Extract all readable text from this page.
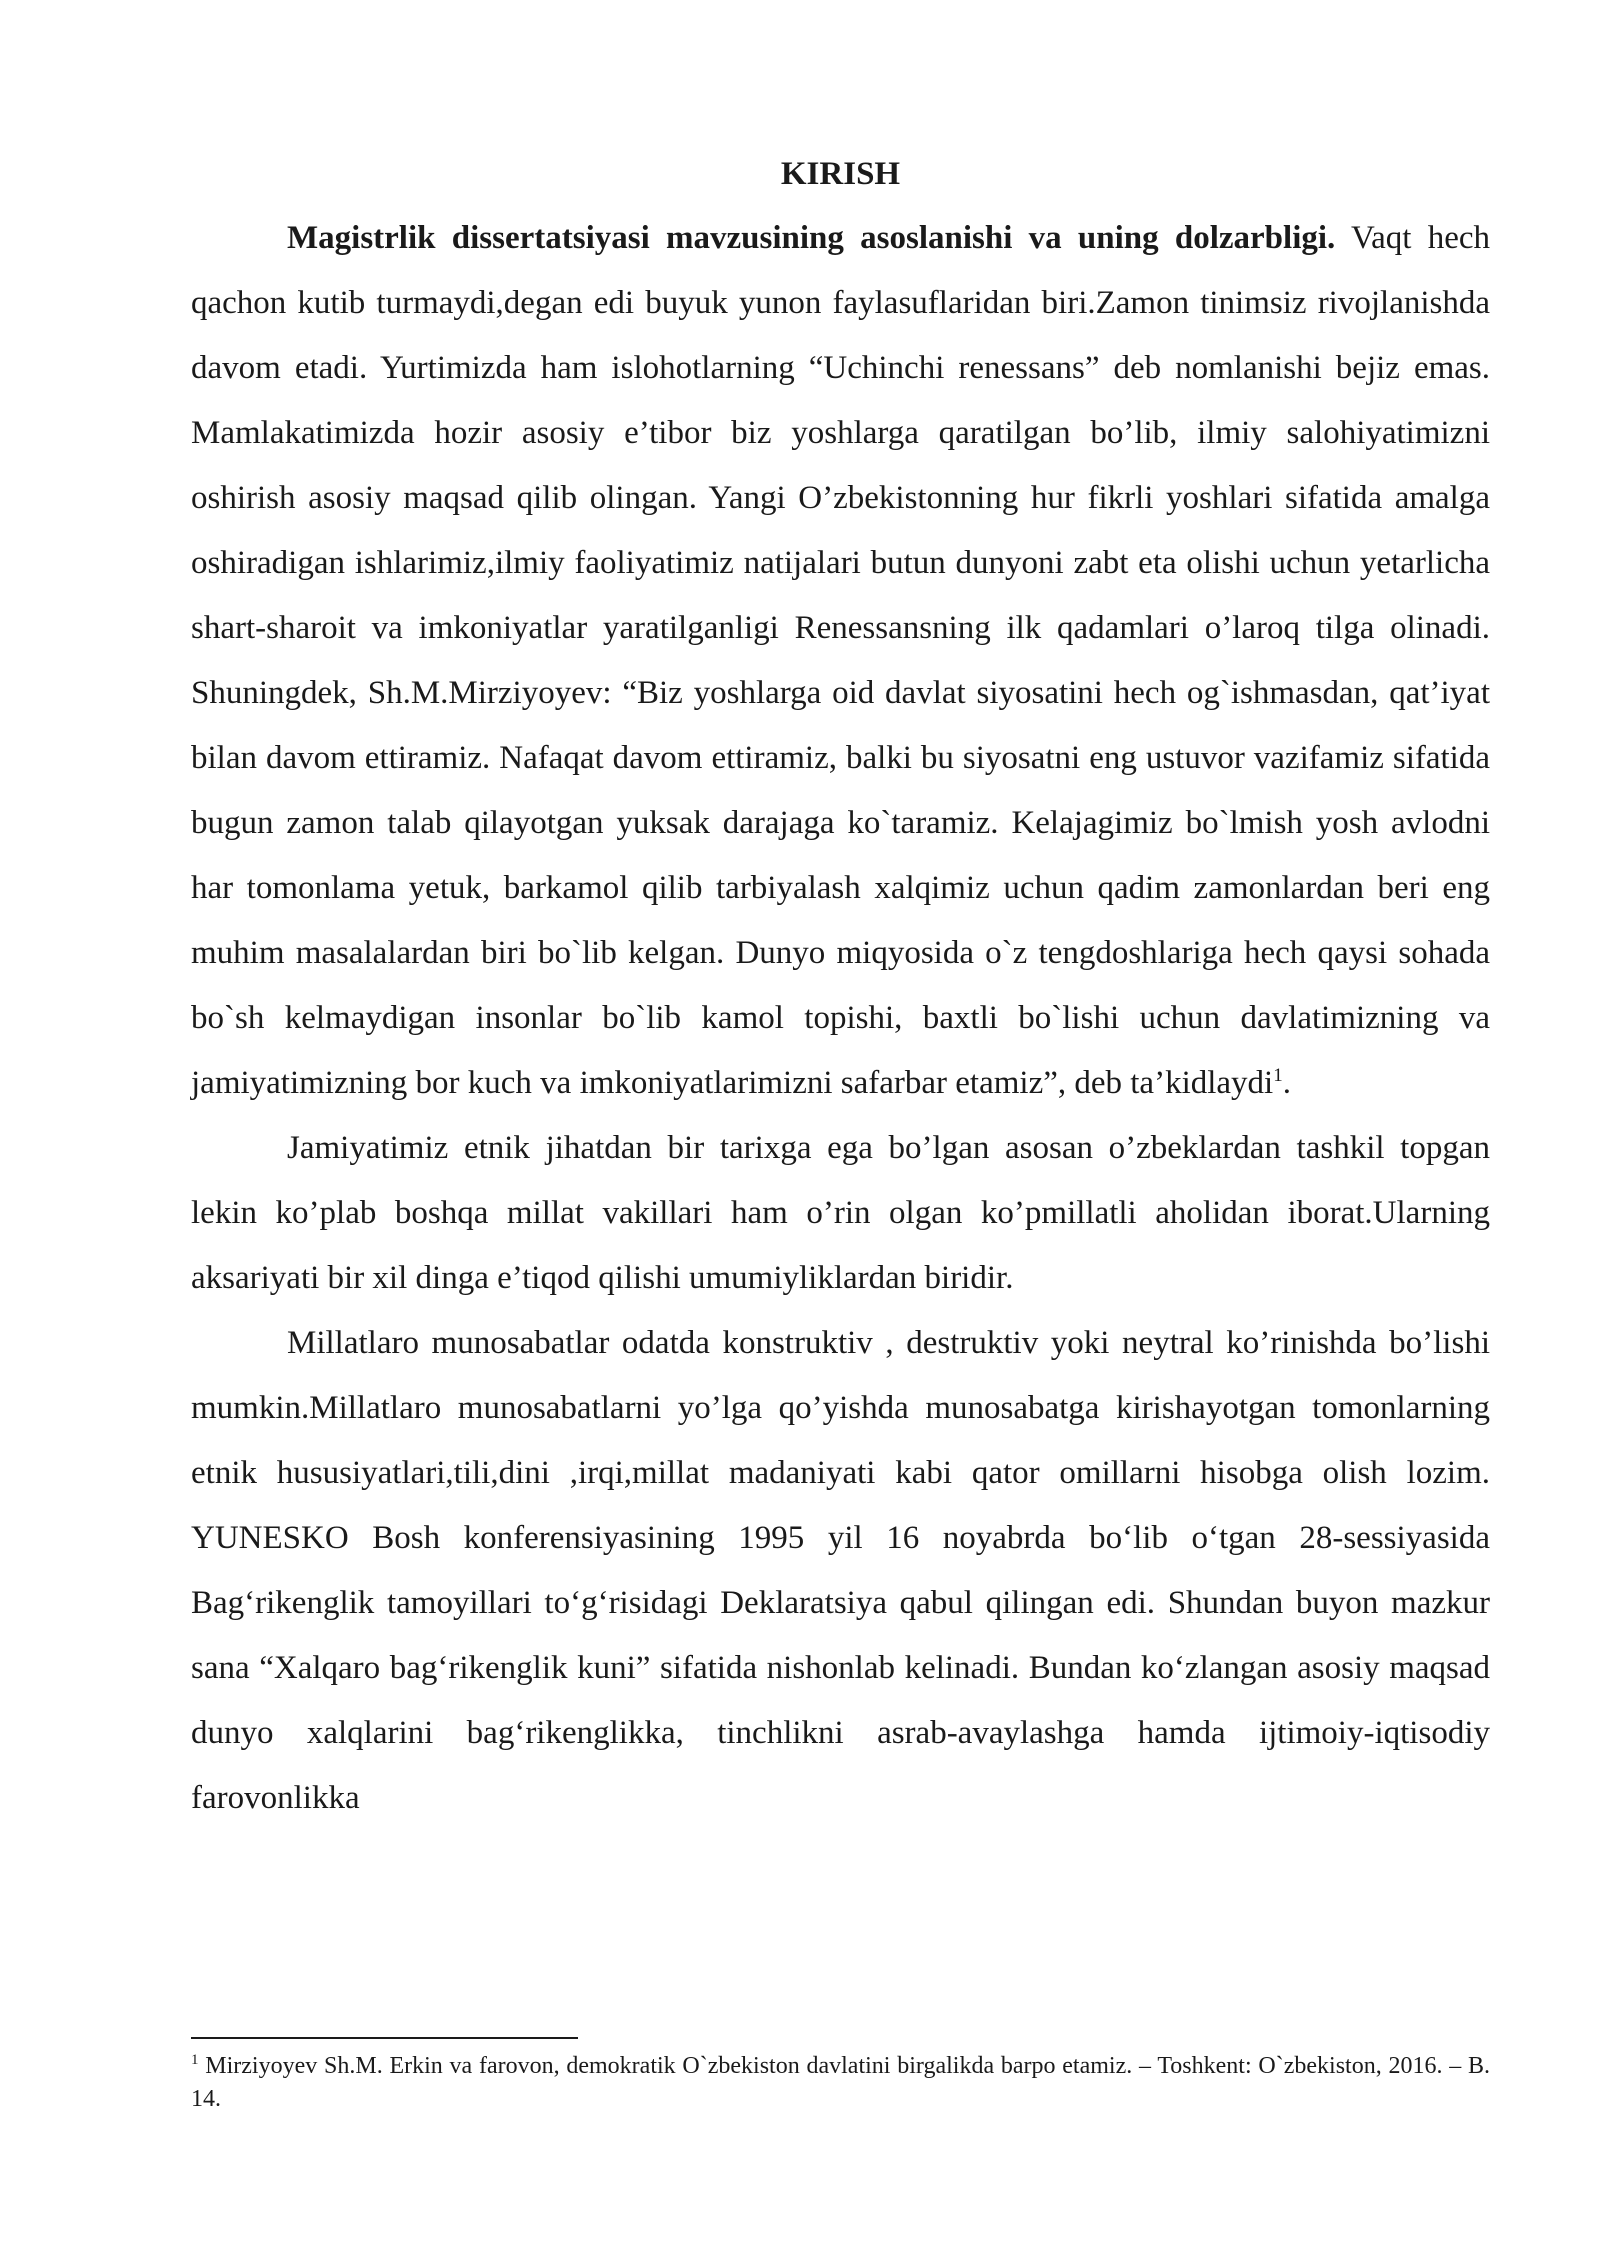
KIRISH

Magistrlik dissertatsiyasi mavzusining asoslanishi va uning dolzarbligi. Vaqt hech qachon kutib turmaydi,degan edi buyuk yunon faylasuflaridan biri.Zamon tinimsiz rivojlanishda davom etadi. Yurtimizda ham islohotlarning “Uchinchi renessans” deb nomlanishi bejiz emas. Mamlakatimizda hozir asosiy e’tibor biz yoshlarga qaratilgan bo’lib, ilmiy salohiyatimizni oshirish asosiy maqsad qilib olingan. Yangi O’zbekistonning hur fikrli yoshlari sifatida amalga oshiradigan ishlarimiz,ilmiy faoliyatimiz natijalari butun dunyoni zabt eta olishi uchun yetarlicha shart-sharoit va imkoniyatlar yaratilganligi Renessansning ilk qadamlari o’laroq tilga olinadi. Shuningdek, Sh.M.Mirziyoyev: “Biz yoshlarga oid davlat siyosatini hech og`ishmasdan, qat’iyat bilan davom ettiramiz. Nafaqat davom ettiramiz, balki bu siyosatni eng ustuvor vazifamiz sifatida bugun zamon talab qilayotgan yuksak darajaga ko`taramiz. Kelajagimiz bo`lmish yosh avlodni har tomonlama yetuk, barkamol qilib tarbiyalash xalqimiz uchun qadim zamonlardan beri eng muhim masalalardan biri bo`lib kelgan. Dunyo miqyosida o`z tengdoshlariga hech qaysi sohada bo`sh kelmaydigan insonlar bo`lib kamol topishi, baxtli bo`lishi uchun davlatimizning va jamiyatimizning bor kuch va imkoniyatlarimizni safarbar etamiz”, deb ta’kidlaydi$^1$.

Jamiyatimiz etnik jihatdan bir tarixga ega bo’lgan asosan o’zbeklardan tashkil topgan lekin ko’plab boshqa millat vakillari ham o’rin olgan ko’pmillatli aholidan iborat.Ularning aksariyati bir xil dinga e’tiqod qilishi umumiyliklardan biridir.

Millatlaro munosabatlar odatda konstruktiv , destruktiv yoki neytral ko’rinishda bo’lishi mumkin.Millatlaro munosabatlarni yo’lga qo’yishda munosabatga kirishayotgan tomonlarning etnik hususiyatlari,tili,dini ,irqi,millat madaniyati kabi qator omillarni hisobga olish lozim. YUNESKO Bosh konferensiyasining 1995 yil 16 noyabrda bo‘lib o‘tgan 28-sessiyasida Bag‘rikenglik tamoyillari to‘g‘risidagi Deklaratsiya qabul qilingan edi. Shundan buyon mazkur sana “Xalqaro bag‘rikenglik kuni” sifatida nishonlab kelinadi. Bundan ko‘zlangan asosiy maqsad dunyo xalqlarini bag‘rikenglikka, tinchlikni asrab-avaylashga hamda ijtimoiy-iqtisodiy farovonlikka

$^1$ Mirziyoyev Sh.M. Erkin va farovon, demokratik O`zbekiston davlatini birgalikda barpo etamiz. – Toshkent: O`zbekiston, 2016. – B. 14.
